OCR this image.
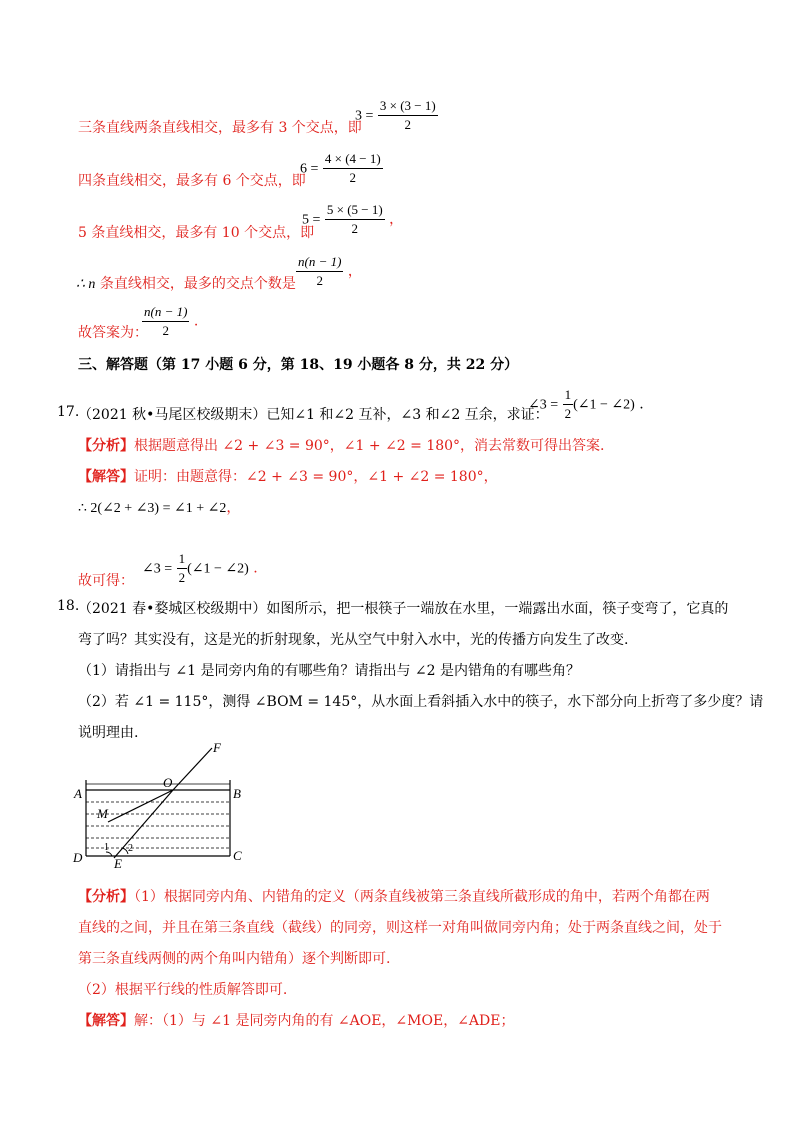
三条直线两条直线相交，最多有 3 个交点，即
$3 = \frac{3 \times (3 - 1)}{2}$
四条直线相交，最多有 6 个交点，即
$6 = \frac{4 \times (4 - 1)}{2}$
5 条直线相交，最多有 10 个交点，即
$5 = \frac{5 \times (5 - 1)}{2}$ ，
∴ n 条直线相交，最多的交点个数是 $\frac{n(n - 1)}{2}$ ，
故答案为：
$\frac{n(n - 1)}{2}$ .
三、解答题（第 17 小题 6 分，第 18、19 小题各 8 分，共 22 分）
17.
（2021 秋•马尾区校级期末）已知∠1 和∠2 互补，∠3 和∠2 互余，求证：
∠3 = $\frac{1}{2}$ (∠1 − ∠2) .
【分析】根据题意得出 ∠2 + ∠3 = 90°，∠1 + ∠2 = 180°，消去常数可得出答案.
【解答】证明：由题意得：∠2 + ∠3 = 90°，∠1 + ∠2 = 180°，
∴ 2(∠2 + ∠3) = ∠1 + ∠2，
故可得：
∠3 = $\frac{1}{2}$ (∠1 − ∠2) .
18.
（2021 春•婺城区校级期中）如图所示，把一根筷子一端放在水里，一端露出水面，筷子变弯了，它真的
弯了吗？其实没有，这是光的折射现象，光从空气中射入水中，光的传播方向发生了改变.
（1）请指出与 ∠1 是同旁内角的有哪些角？请指出与 ∠2 是内错角的有哪些角？
（2）若 ∠1 = 115°，测得 ∠BOM = 145°，从水面上看斜插入水中的筷子，水下部分向上折弯了多少度？请
说明理由.
A	B
C
D E
F
O
M
1 2
【分析】（1）根据同旁内角、内错角的定义（两条直线被第三条直线所截形成的角中，若两个角都在两
直线的之间，并且在第三条直线（截线）的同旁，则这样一对角叫做同旁内角；处于两条直线之间，处于
第三条直线两侧的两个角叫内错角）逐个判断即可.
（2）根据平行线的性质解答即可.
【解答】解：（1）与 ∠1 是同旁内角的有 ∠AOE，∠MOE，∠ADE；
